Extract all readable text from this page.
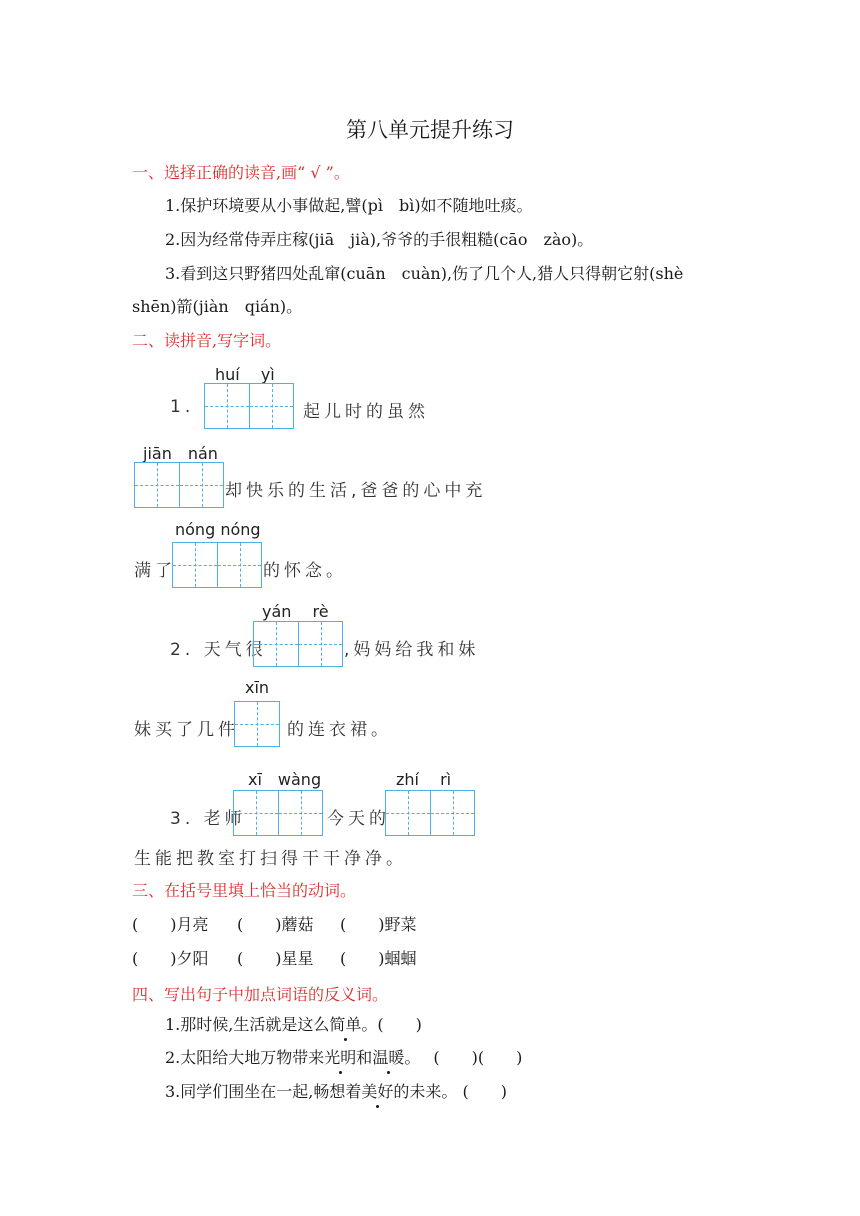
第八单元提升练习
一、选择正确的读音,画“ √ ”。
1.保护环境要从小事做起,譬(pì　bì)如不随地吐痰。
2.因为经常侍弄庄稼(jiā　jià),爷爷的手很粗糙(cāo　zào)。
3.看到这只野猪四处乱窜(cuān　cuàn),伤了几个人,猎人只得朝它射(shè
shēn)箭(jiàn　qián)。
二、读拼音,写字词。
huí　 yì
1.	起儿时的虽然
jiān　nán
却快乐的生活,爸爸的心中充
nóng nóng
满了	的怀念。
yán　 rè
2. 天气很	,妈妈给我和妹
xīn
妹买了几件	的连衣裙。
xī　wàng	zhí　 rì
3. 老师	今天的
生能把教室打扫得干干净净。
三、在括号里填上恰当的动词。
(　　)月亮 (　　)蘑菇 (　　)野菜
(　　)夕阳 (　　)星星 (　　)蝈蝈
四、写出句子中加点词语的反义词。
1.那时候,生活就是这么简单。(　　)
2.太阳给大地万物带来光明和温暖。　 (　　)(　　)
3.同学们围坐在一起,畅想着美好的未来。 (　　)
